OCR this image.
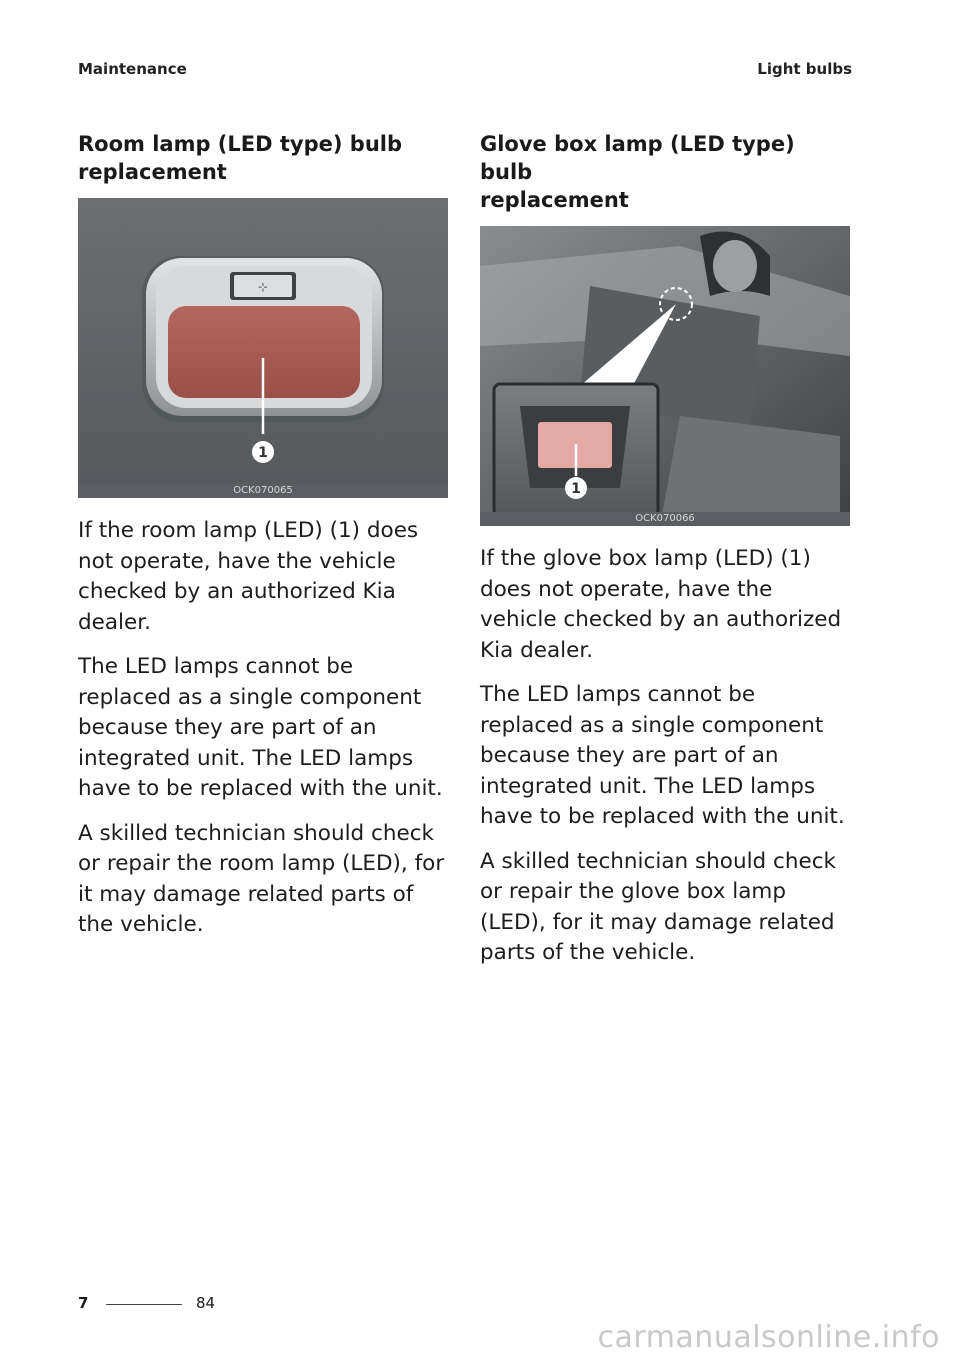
Maintenance	Light bulbs
Room lamp (LED type) bulb
replacement
⊹
1
OCK070065

If the room lamp (LED) (1) does not operate, have the vehicle checked by an authorized Kia dealer.

The LED lamps cannot be replaced as a single component because they are part of an integrated unit. The LED lamps have to be replaced with the unit.

A skilled technician should check or repair the room lamp (LED), for it may damage related parts of the vehicle.

Glove box lamp (LED type) bulb
replacement
1
OCK070066

If the glove box lamp (LED) (1) does not operate, have the vehicle checked by an authorized Kia dealer.

The LED lamps cannot be replaced as a single component because they are part of an integrated unit. The LED lamps have to be replaced with the unit.

A skilled technician should check or repair the glove box lamp (LED), for it may damage related parts of the vehicle.

7	84
carmanualsonline.info
